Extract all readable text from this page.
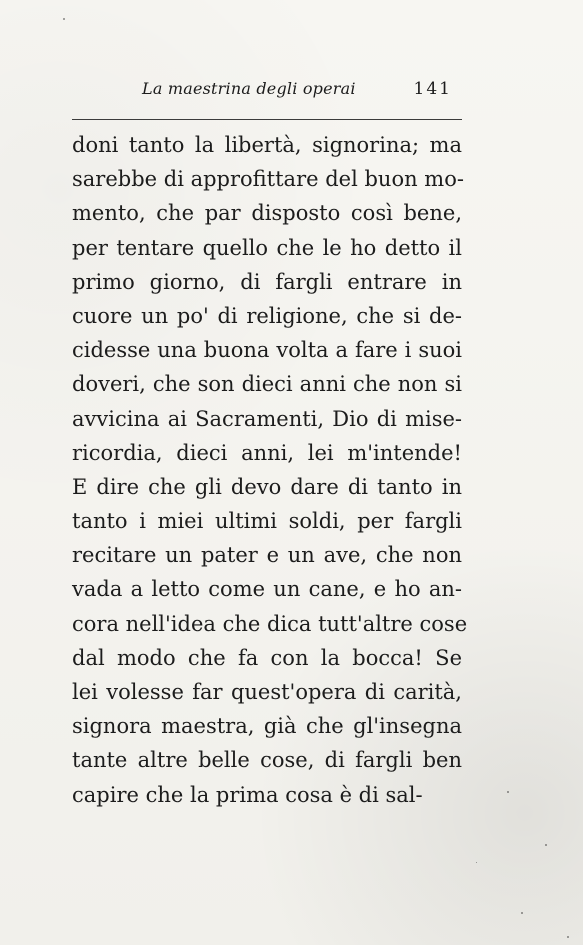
La maestrina degli operai	141
doni tanto la libertà, signorina; ma
sarebbe di approfittare del buon mo-
mento, che par disposto così bene,
per tentare quello che le ho detto il
primo giorno, di fargli entrare in
cuore un po' di religione, che si de-
cidesse una buona volta a fare i suoi
doveri, che son dieci anni che non si
avvicina ai Sacramenti, Dio di mise-
ricordia, dieci anni, lei m'intende!
E dire che gli devo dare di tanto in
tanto i miei ultimi soldi, per fargli
recitare un pater e un ave, che non
vada a letto come un cane, e ho an-
cora nell'idea che dica tutt'altre cose
dal modo che fa con la bocca! Se
lei volesse far quest'opera di carità,
signora maestra, già che gl'insegna
tante altre belle cose, di fargli ben
capire che la prima cosa è di sal-
